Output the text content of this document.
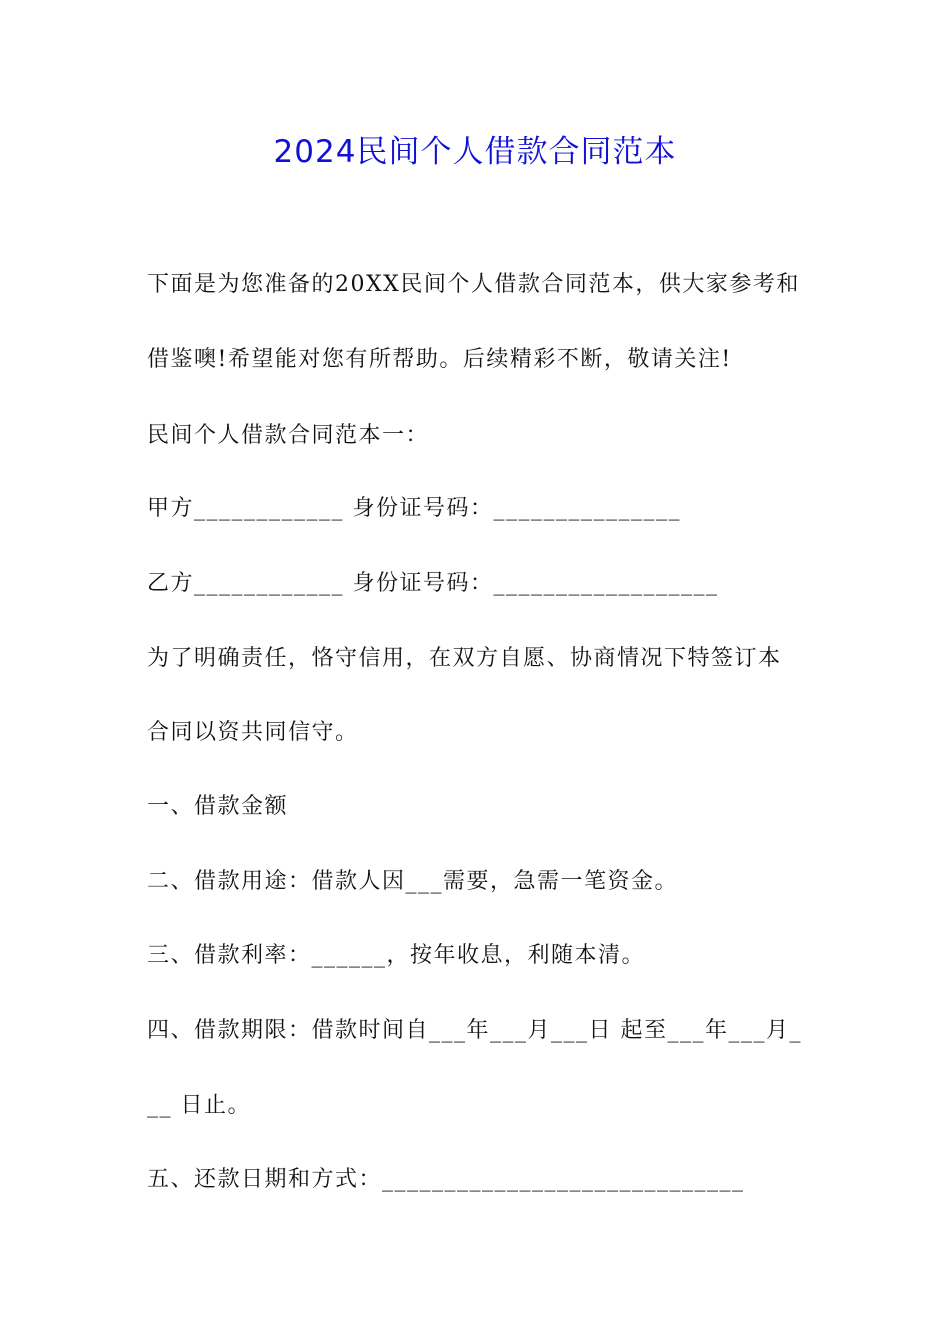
2024民间个人借款合同范本
下面是为您准备的20XX民间个人借款合同范本，供大家参考和
借鉴噢!希望能对您有所帮助。后续精彩不断，敬请关注!
民间个人借款合同范本一：
甲方____________ 身份证号码：_______________
乙方____________ 身份证号码：__________________
为了明确责任，恪守信用，在双方自愿、协商情况下特签订本
合同以资共同信守。
一、借款金额
二、借款用途：借款人因___需要，急需一笔资金。
三、借款利率：______，按年收息，利随本清。
四、借款期限：借款时间自___年___月___日 起至___年___月_
__ 日止。
五、还款日期和方式：_____________________________
